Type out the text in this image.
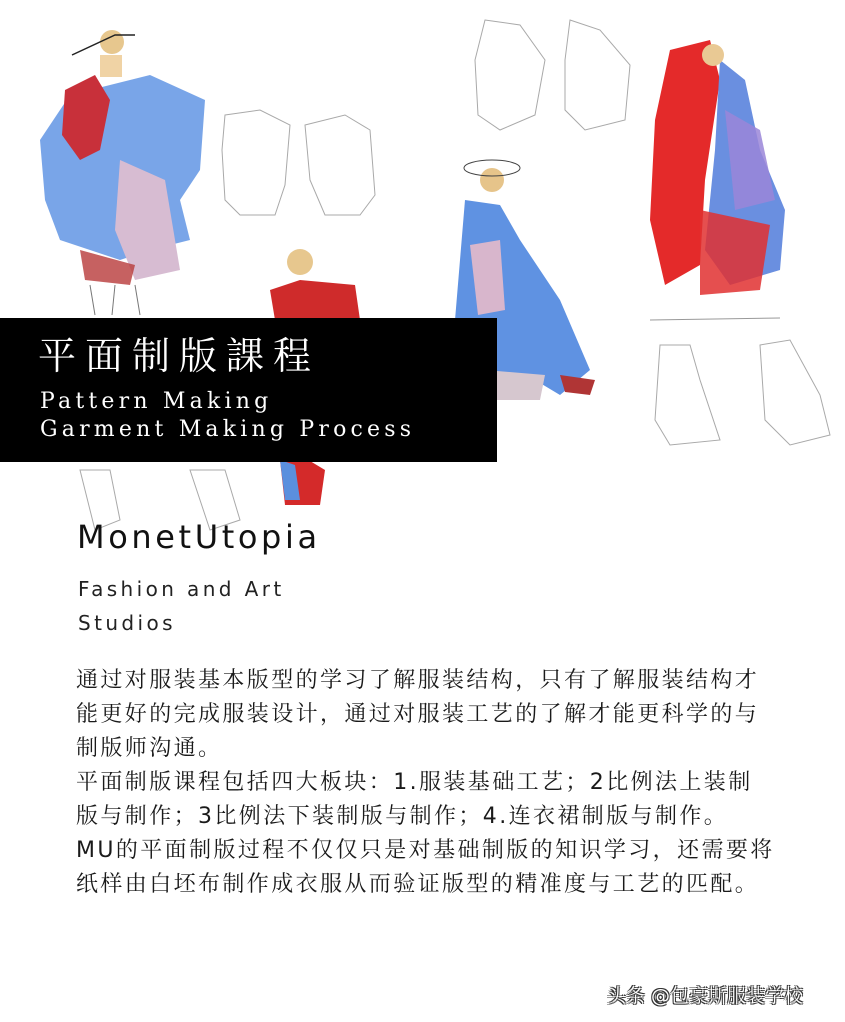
平面制版課程
Pattern Making
Garment Making Process
MonetUtopia
Fashion and Art
Studios

通过对服装基本版型的学习了解服装结构，只有了解服装结构才能更好的完成服装设计，通过对服装工艺的了解才能更科学的与制版师沟通。

平面制版课程包括四大板块：1.服装基础工艺；2比例法上装制版与制作；3比例法下装制版与制作；4.连衣裙制版与制作。

MU的平面制版过程不仅仅只是对基础制版的知识学习，还需要将纸样由白坯布制作成衣服从而验证版型的精准度与工艺的匹配。

头条 @包豪斯服装学校
